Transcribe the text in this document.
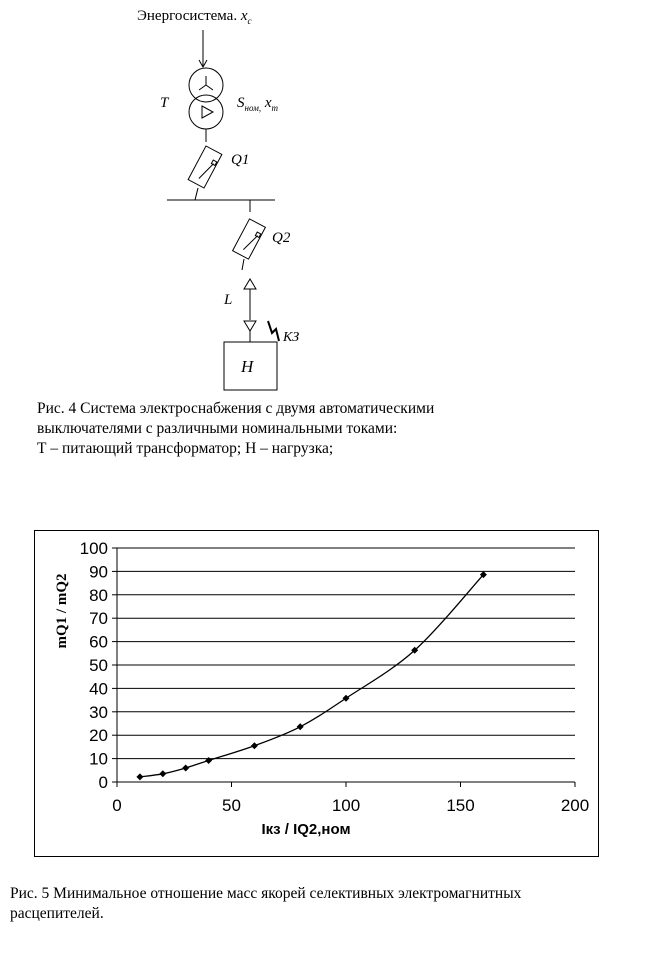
Энергосистема. $x_с$
Т	$S_{ном,}$ $x_т$
Q1
Q2
L
КЗ
Н
Рис. 4 Система электроснабжения с двумя автоматическими
выключателями с различными номинальными токами:
Т – питающий трансформатор; Н – нагрузка;
0
10
20
30
40
50
60
70
80
90
100
0	50	100	150	200
Iкз / IQ2,ном
mQ1 / mQ2
Рис. 5 Минимальное отношение масс якорей селективных электромагнитных
расцепителей.
